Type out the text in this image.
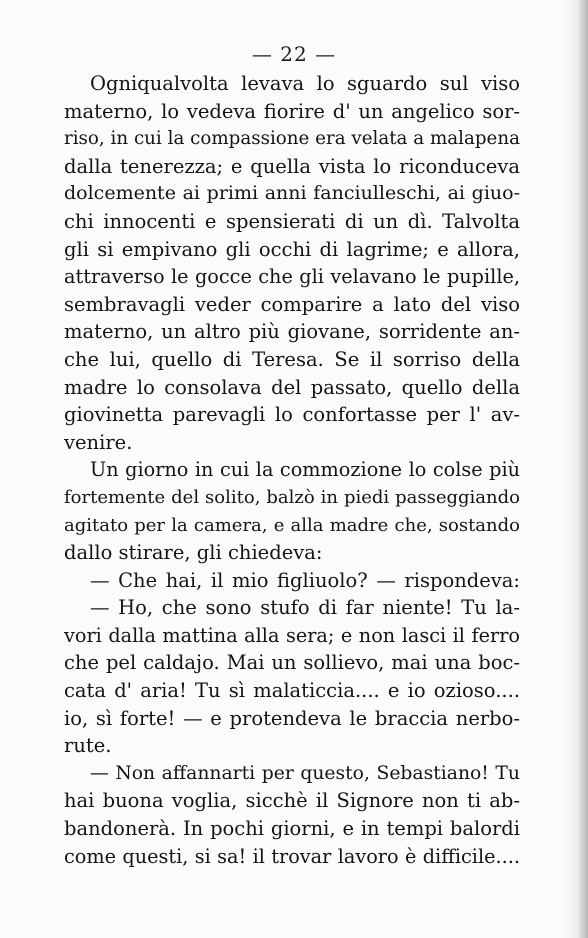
— 22 —
Ogniqualvolta levava lo sguardo sul viso
materno, lo vedeva fiorire d' un angelico sor-
riso, in cui la compassione era velata a malapena
dalla tenerezza; e quella vista lo riconduceva
dolcemente ai primi anni fanciulleschi, ai giuo-
chi innocenti e spensierati di un dì. Talvolta
gli si empivano gli occhi di lagrime; e allora,
attraverso le gocce che gli velavano le pupille,
sembravagli veder comparire a lato del viso
materno, un altro più giovane, sorridente an-
che lui, quello di Teresa. Se il sorriso della
madre lo consolava del passato, quello della
giovinetta parevagli lo confortasse per l' av-
venire.
Un giorno in cui la commozione lo colse più
fortemente del solito, balzò in piedi passeggiando
agitato per la camera, e alla madre che, sostando
dallo stirare, gli chiedeva:
— Che hai, il mio figliuolo? — rispondeva:
— Ho, che sono stufo di far niente! Tu la-
vori dalla mattina alla sera; e non lasci il ferro
che pel caldajo. Mai un sollievo, mai una boc-
cata d' aria! Tu sì malaticcia.... e io ozioso....
io, sì forte! — e protendeva le braccia nerbo-
rute.
— Non affannarti per questo, Sebastiano! Tu
hai buona voglia, sicchè il Signore non ti ab-
bandonerà. In pochi giorni, e in tempi balordi
come questi, si sa! il trovar lavoro è difficile....
